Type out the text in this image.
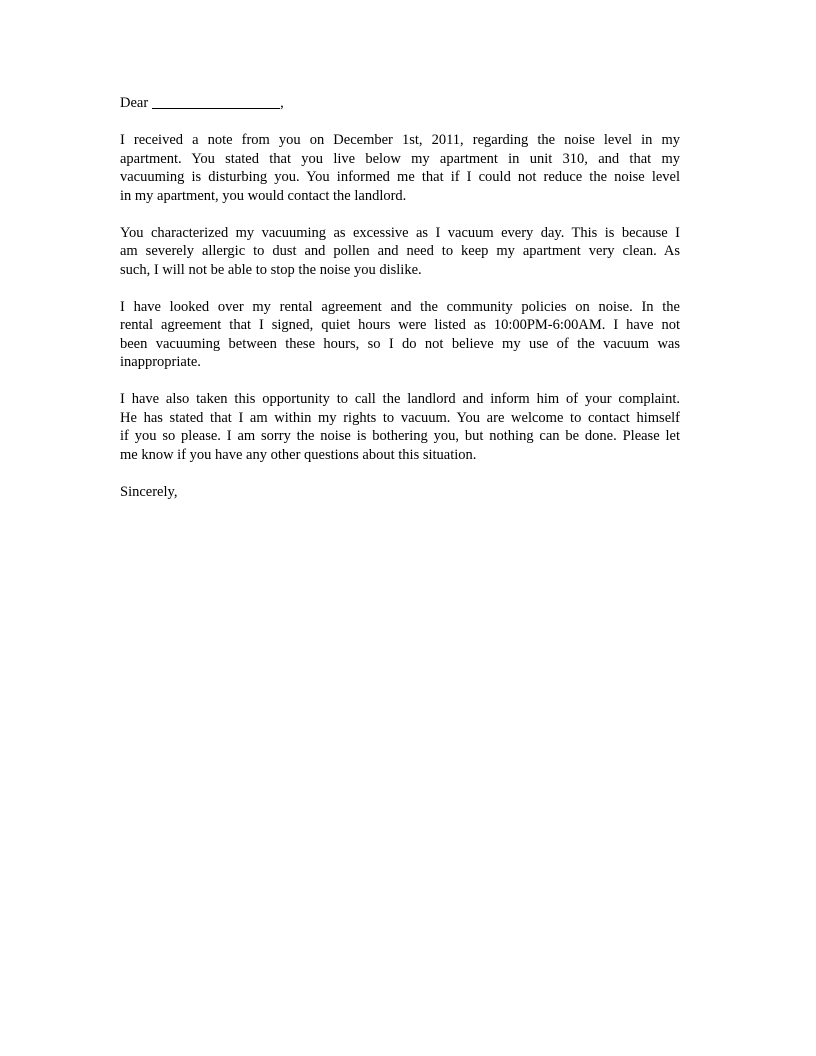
Dear	,
I received a note from you on December 1st, 2011, regarding the noise level in my
apartment. You stated that you live below my apartment in unit 310, and that my
vacuuming is disturbing you. You informed me that if I could not reduce the noise level
in my apartment, you would contact the landlord.
You characterized my vacuuming as excessive as I vacuum every day. This is because I
am severely allergic to dust and pollen and need to keep my apartment very clean. As
such, I will not be able to stop the noise you dislike.
I have looked over my rental agreement and the community policies on noise. In the
rental agreement that I signed, quiet hours were listed as 10:00PM-6:00AM. I have not
been vacuuming between these hours, so I do not believe my use of the vacuum was
inappropriate.
I have also taken this opportunity to call the landlord and inform him of your complaint.
He has stated that I am within my rights to vacuum. You are welcome to contact himself
if you so please. I am sorry the noise is bothering you, but nothing can be done. Please let
me know if you have any other questions about this situation.
Sincerely,
